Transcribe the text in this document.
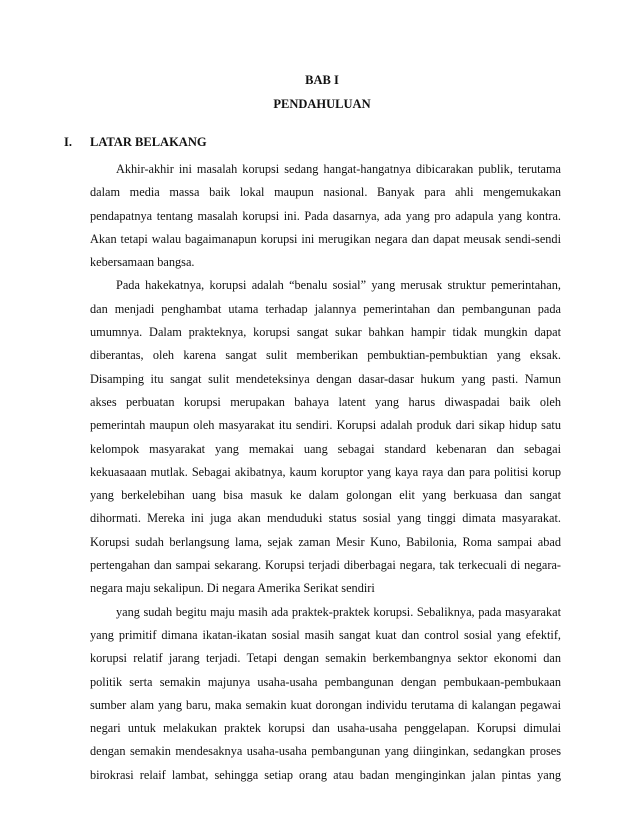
BAB I
PENDAHULUAN
I. LATAR BELAKANG
Akhir-akhir ini masalah korupsi sedang hangat-hangatnya dibicarakan publik, terutama
dalam media massa baik lokal maupun nasional. Banyak para ahli mengemukakan
pendapatnya tentang masalah korupsi ini. Pada dasarnya, ada yang pro adapula yang kontra.
Akan tetapi walau bagaimanapun korupsi ini merugikan negara dan dapat meusak sendi-sendi
kebersamaan bangsa.
Pada hakekatnya, korupsi adalah “benalu sosial” yang merusak struktur pemerintahan,
dan menjadi penghambat utama terhadap jalannya pemerintahan dan pembangunan pada
umumnya. Dalam prakteknya, korupsi sangat sukar bahkan hampir tidak mungkin dapat
diberantas, oleh karena sangat sulit memberikan pembuktian-pembuktian yang eksak.
Disamping itu sangat sulit mendeteksinya dengan dasar-dasar hukum yang pasti. Namun
akses perbuatan korupsi merupakan bahaya latent yang harus diwaspadai baik oleh
pemerintah maupun oleh masyarakat itu sendiri. Korupsi adalah produk dari sikap hidup satu
kelompok masyarakat yang memakai uang sebagai standard kebenaran dan sebagai
kekuasaaan mutlak. Sebagai akibatnya, kaum koruptor yang kaya raya dan para politisi korup
yang berkelebihan uang bisa masuk ke dalam golongan elit yang berkuasa dan sangat
dihormati. Mereka ini juga akan menduduki status sosial yang tinggi dimata masyarakat.
Korupsi sudah berlangsung lama, sejak zaman Mesir Kuno, Babilonia, Roma sampai abad
pertengahan dan sampai sekarang. Korupsi terjadi diberbagai negara, tak terkecuali di negara-
negara maju sekalipun. Di negara Amerika Serikat sendiri
yang sudah begitu maju masih ada praktek-praktek korupsi. Sebaliknya, pada masyarakat
yang primitif dimana ikatan-ikatan sosial masih sangat kuat dan control sosial yang efektif,
korupsi relatif jarang terjadi. Tetapi dengan semakin berkembangnya sektor ekonomi dan
politik serta semakin majunya usaha-usaha pembangunan dengan pembukaan-pembukaan
sumber alam yang baru, maka semakin kuat dorongan individu terutama di kalangan pegawai
negari untuk melakukan praktek korupsi dan usaha-usaha penggelapan. Korupsi dimulai
dengan semakin mendesaknya usaha-usaha pembangunan yang diinginkan, sedangkan proses
birokrasi relaif lambat, sehingga setiap orang atau badan menginginkan jalan pintas yang
